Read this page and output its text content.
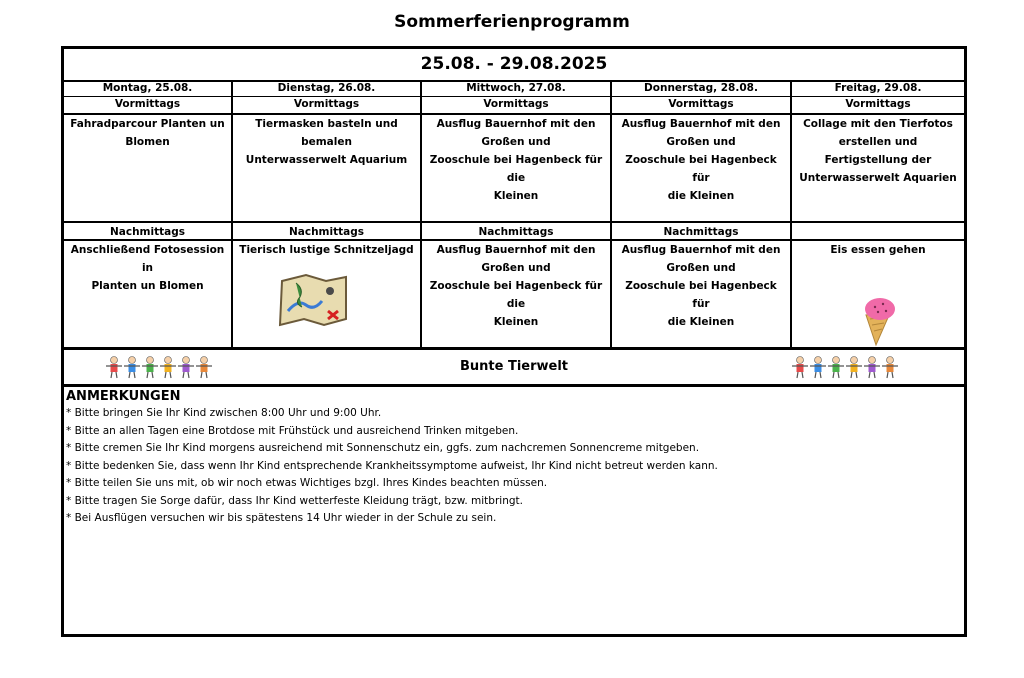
Sommerferienprogramm
25.08. - 29.08.2025
Montag, 25.08.
Vormittags
Fahradparcour Planten un
Blomen
Nachmittags
Anschließend Fotosession in
Planten un Blomen
Dienstag, 26.08.
Vormittags
Tiermasken basteln und
bemalen
Unterwasserwelt Aquarium
Nachmittags
Tierisch lustige Schnitzeljagd
Mittwoch, 27.08.
Vormittags
Ausflug Bauernhof mit den
Großen und
Zooschule bei Hagenbeck für die
Kleinen
Nachmittags
Ausflug Bauernhof mit den
Großen und
Zooschule bei Hagenbeck für die
Kleinen
Donnerstag, 28.08.
Vormittags
Ausflug Bauernhof mit den
Großen und
Zooschule bei Hagenbeck für
die Kleinen
Nachmittags
Ausflug Bauernhof mit den
Großen und
Zooschule bei Hagenbeck für
die Kleinen
Freitag, 29.08.
Vormittags
Collage mit den Tierfotos
erstellen und
Fertigstellung der
Unterwasserwelt Aquarien
Eis essen gehen
Bunte Tierwelt
ANMERKUNGEN
* Bitte bringen Sie Ihr Kind zwischen 8:00 Uhr und 9:00 Uhr.
* Bitte an allen Tagen eine Brotdose mit Frühstück und ausreichend Trinken mitgeben.
* Bitte cremen Sie Ihr Kind morgens ausreichend mit Sonnenschutz ein, ggfs. zum nachcremen Sonnencreme mitgeben.
* Bitte bedenken Sie, dass wenn Ihr Kind entsprechende Krankheitssymptome aufweist, Ihr Kind nicht betreut werden kann.
* Bitte teilen Sie uns mit, ob wir noch etwas Wichtiges bzgl. Ihres Kindes beachten müssen.
* Bitte tragen Sie Sorge dafür, dass Ihr Kind wetterfeste Kleidung trägt, bzw. mitbringt.
* Bei Ausflügen versuchen wir bis spätestens 14 Uhr wieder in der Schule zu sein.
